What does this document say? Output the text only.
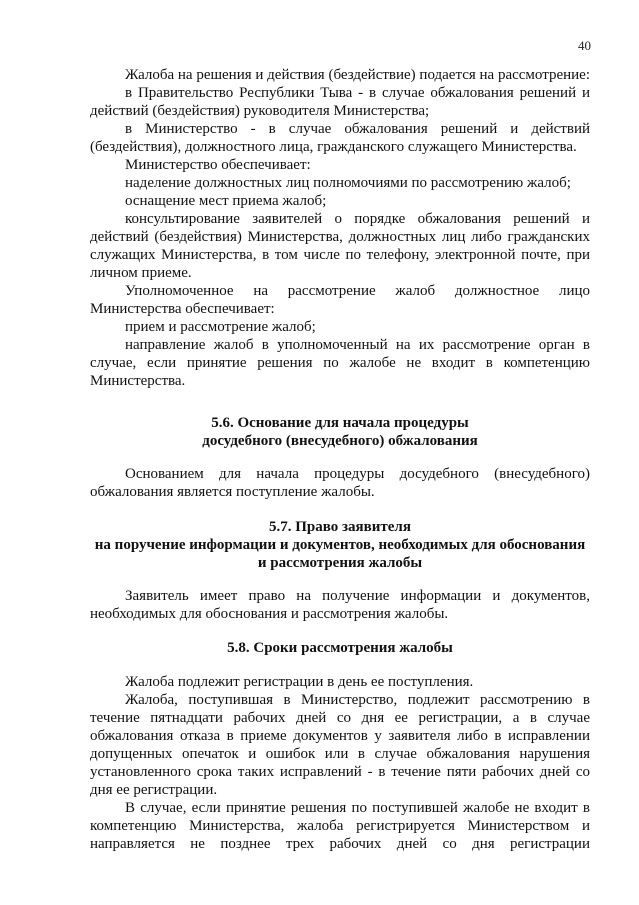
40

Жалоба на решения и действия (бездействие) подается на рассмотрение:

в Правительство Республики Тыва - в случае обжалования решений и действий (бездействия) руководителя Министерства;

в Министерство - в случае обжалования решений и действий (бездействия), должностного лица, гражданского служащего Министерства.

Министерство обеспечивает:

наделение должностных лиц полномочиями по рассмотрению жалоб;

оснащение мест приема жалоб;

консультирование заявителей о порядке обжалования решений и действий (бездействия) Министерства, должностных лиц либо гражданских служащих Министерства, в том числе по телефону, электронной почте, при личном приеме.

Уполномоченное на рассмотрение жалоб должностное лицо Министерства обеспечивает:

прием и рассмотрение жалоб;

направление жалоб в уполномоченный на их рассмотрение орган в случае, если принятие решения по жалобе не входит в компетенцию Министерства.

5.6. Основание для начала процедуры
досудебного (внесудебного) обжалования

Основанием для начала процедуры досудебного (внесудебного) обжалования является поступление жалобы.

5.7. Право заявителя
на поручение информации и документов, необходимых для обоснования
и рассмотрения жалобы

Заявитель имеет право на получение информации и документов, необходимых для обоснования и рассмотрения жалобы.

5.8. Сроки рассмотрения жалобы

Жалоба подлежит регистрации в день ее поступления.

Жалоба, поступившая в Министерство, подлежит рассмотрению в течение пятнадцати рабочих дней со дня ее регистрации, а в случае обжалования отказа в приеме документов у заявителя либо в исправлении допущенных опечаток и ошибок или в случае обжалования нарушения установленного срока таких исправлений - в течение пяти рабочих дней со дня ее регистрации.

В случае, если принятие решения по поступившей жалобе не входит в компетенцию Министерства, жалоба регистрируется Министерством и направляется не позднее трех рабочих дней со дня регистрации
